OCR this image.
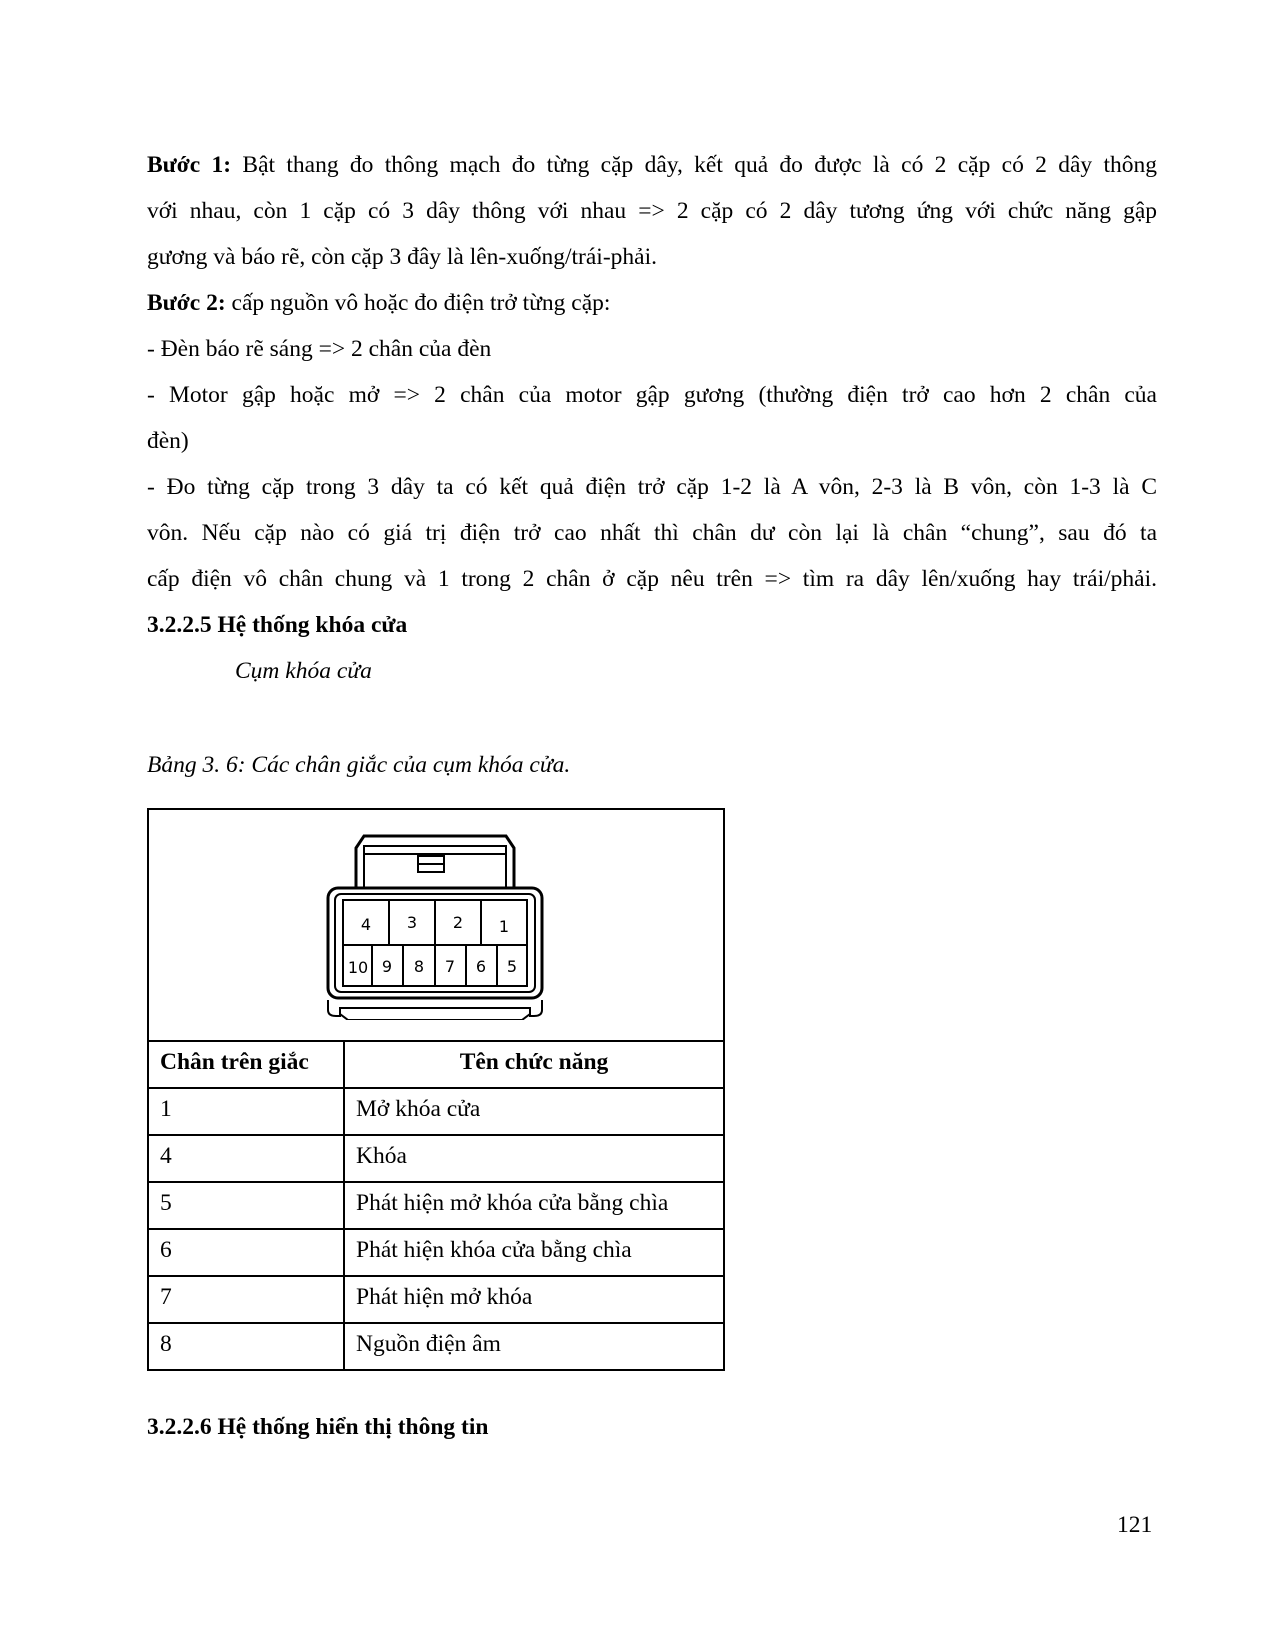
Bước 1: Bật thang đo thông mạch đo từng cặp dây, kết quả đo được là có 2 cặp có 2 dây thông

với nhau, còn 1 cặp có 3 dây thông với nhau => 2 cặp có 2 dây tương ứng với chức năng gập

gương và báo rẽ, còn cặp 3 đây là lên-xuống/trái-phải.

Bước 2: cấp nguồn vô hoặc đo điện trở từng cặp:

- Đèn báo rẽ sáng => 2 chân của đèn

- Motor gập hoặc mở => 2 chân của motor gập gương (thường điện trở cao hơn 2 chân của

đèn)

- Đo từng cặp trong 3 dây ta có kết quả điện trở cặp 1-2 là A vôn, 2-3 là B vôn, còn 1-3 là C

vôn. Nếu cặp nào có giá trị điện trở cao nhất thì chân dư còn lại là chân “chung”, sau đó ta

cấp điện vô chân chung và 1 trong 2 chân ở cặp nêu trên => tìm ra dây lên/xuống hay trái/phải.

3.2.2.5 Hệ thống khóa cửa

Cụm khóa cửa

Bảng 3. 6: Các chân giắc của cụm khóa cửa.

4 3 2 1
10 9 8 7 6 5

Chân trên giắc	Tên chức năng
1	Mở khóa cửa
4	Khóa
5	Phát hiện mở khóa cửa bằng chìa
6	Phát hiện khóa cửa bằng chìa
7	Phát hiện mở khóa
8	Nguồn điện âm

3.2.2.6 Hệ thống hiển thị thông tin

121
